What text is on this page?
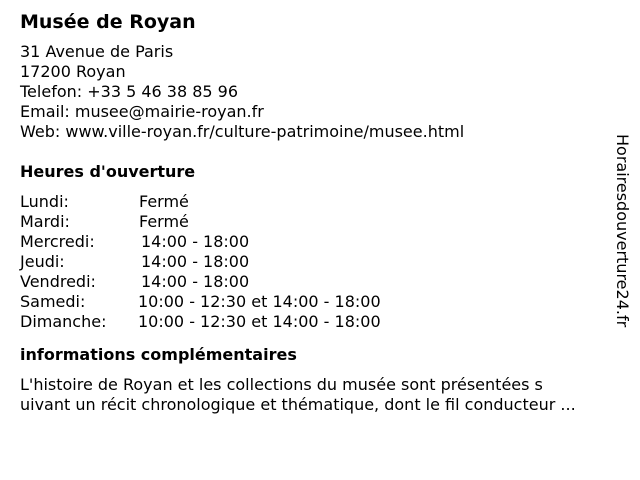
Musée de Royan
31 Avenue de Paris
17200 Royan
Telefon: +33 5 46 38 85 96
Email: musee@mairie-royan.fr
Web: www.ville-royan.fr/culture-patrimoine/musee.html
Heures d'ouverture
Lundi:	Fermé
Mardi:	Fermé
Mercredi:	14:00 - 18:00
Jeudi:	14:00 - 18:00
Vendredi:	14:00 - 18:00
Samedi:	10:00 - 12:30 et 14:00 - 18:00
Dimanche:	10:00 - 12:30 et 14:00 - 18:00
informations complémentaires
L'histoire de Royan et les collections du musée sont présentées s
uivant un récit chronologique et thématique, dont le fil conducteur ...
Horairesdouverture24.fr
